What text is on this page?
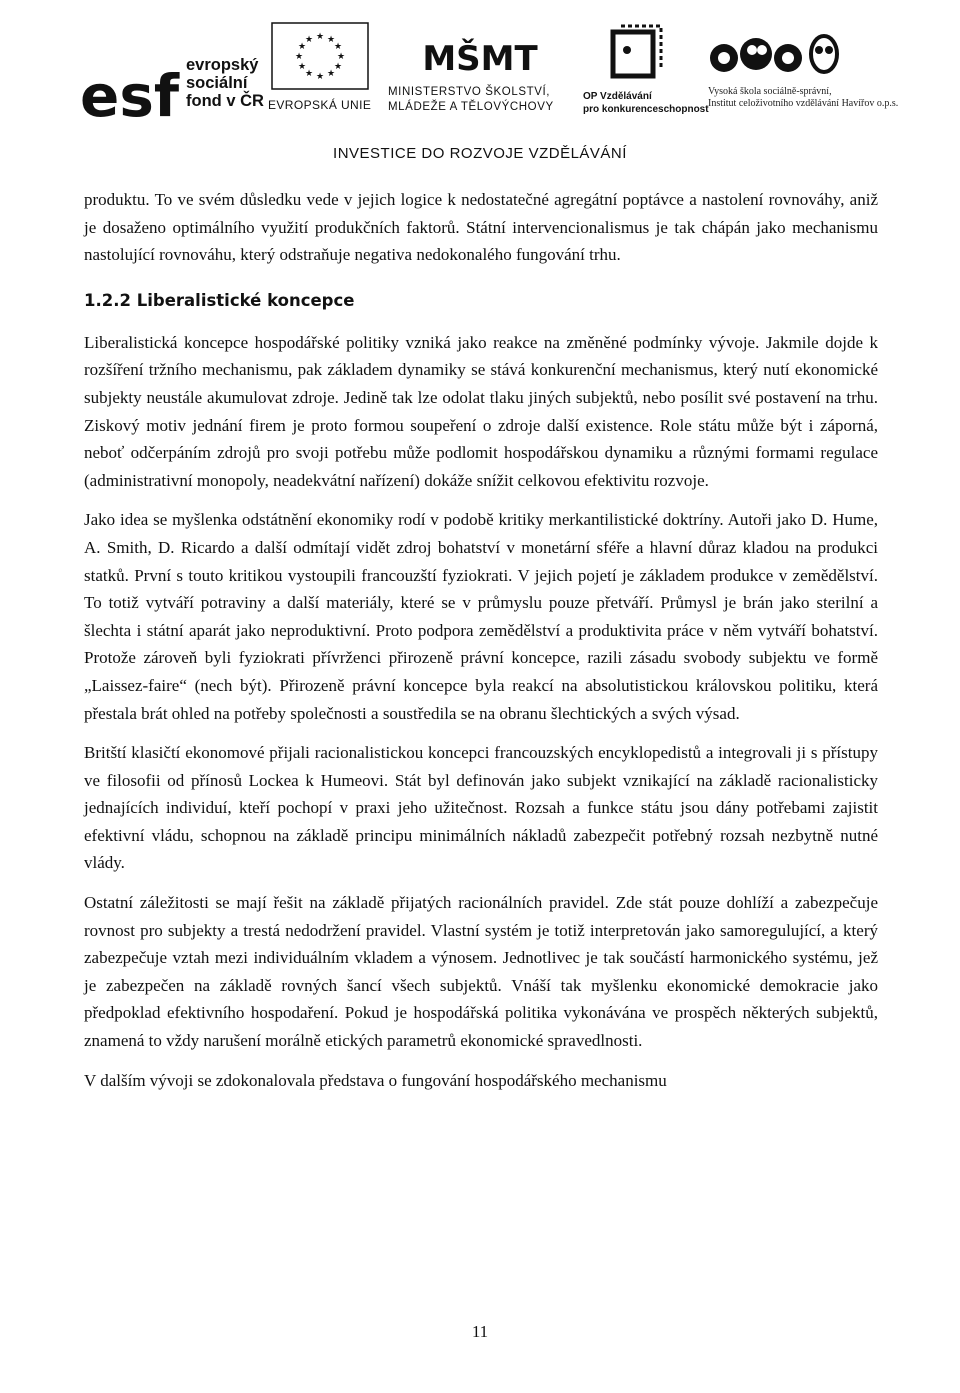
esf evropský
sociální
fond v ČR
★ ★
★
★
★
★
★
★
★
★
★
★
EVROPSKÁ UNIE
MŠMT
MINISTERSTVO ŠKOLSTVÍ,
MLÁDEŽE A TĚLOVÝCHOVY
OP Vzdělávání
pro konkurenceschopnost
Vysoká škola sociálně-správní,
Institut celoživotního vzdělávání Havířov o.p.s.
INVESTICE DO ROZVOJE VZDĚLÁVÁNÍ

produktu. To ve svém důsledku vede v jejich logice k nedostatečné agregátní poptávce a nastolení rovnováhy, aniž je dosaženo optimálního využití produkčních faktorů. Státní intervencionalismus je tak chápán jako mechanismu nastolující rovnováhu, který odstraňuje negativa nedokonalého fungování trhu.

1.2.2 Liberalistické koncepce

Liberalistická koncepce hospodářské politiky vzniká jako reakce na změněné podmínky vývoje. Jakmile dojde k rozšíření tržního mechanismu, pak základem dynamiky se stává konkurenční mechanismus, který nutí ekonomické subjekty neustále akumulovat zdroje. Jedině tak lze odolat tlaku jiných subjektů, nebo posílit své postavení na trhu. Ziskový motiv jednání firem je proto formou soupeření o zdroje další existence. Role státu může být i záporná, neboť odčerpáním zdrojů pro svoji potřebu může podlomit hospodářskou dynamiku a různými formami regulace (administrativní monopoly, neadekvátní nařízení) dokáže snížit celkovou efektivitu rozvoje.

Jako idea se myšlenka odstátnění ekonomiky rodí v podobě kritiky merkantilistické doktríny. Autoři jako D. Hume, A. Smith, D. Ricardo a další odmítají vidět zdroj bohatství v monetární sféře a hlavní důraz kladou na produkci statků. První s touto kritikou vystoupili francouzští fyziokrati. V jejich pojetí je základem produkce v zemědělství. To totiž vytváří potraviny a další materiály, které se v průmyslu pouze přetváří. Průmysl je brán jako sterilní a šlechta i státní aparát jako neproduktivní. Proto podpora zemědělství a produktivita práce v něm vytváří bohatství. Protože zároveň byli fyziokrati přívrženci přirozeně právní koncepce, razili zásadu svobody subjektu ve formě „Laissez-faire“ (nech být). Přirozeně právní koncepce byla reakcí na absolutistickou královskou politiku, která přestala brát ohled na potřeby společnosti a soustředila se na obranu šlechtických a svých výsad.

Britští klasičtí ekonomové přijali racionalistickou koncepci francouzských encyklopedistů a integrovali ji s přístupy ve filosofii od přínosů Lockea k Humeovi. Stát byl definován jako subjekt vznikající na základě racionalisticky jednajících individuí, kteří pochopí v praxi jeho užitečnost. Rozsah a funkce státu jsou dány potřebami zajistit efektivní vládu, schopnou na základě principu minimálních nákladů zabezpečit potřebný rozsah nezbytně nutné vlády.

Ostatní záležitosti se mají řešit na základě přijatých racionálních pravidel. Zde stát pouze dohlíží a zabezpečuje rovnost pro subjekty a trestá nedodržení pravidel. Vlastní systém je totiž interpretován jako samoregulující, a který zabezpečuje vztah mezi individuálním vkladem a výnosem. Jednotlivec je tak součástí harmonického systému, jež je zabezpečen na základě rovných šancí všech subjektů. Vnáší tak myšlenku ekonomické demokracie jako předpoklad efektivního hospodaření. Pokud je hospodářská politika vykonávána ve prospěch některých subjektů, znamená to vždy narušení morálně etických parametrů ekonomické spravedlnosti.

V dalším vývoji se zdokonalovala představa o fungování hospodářského mechanismu

11
